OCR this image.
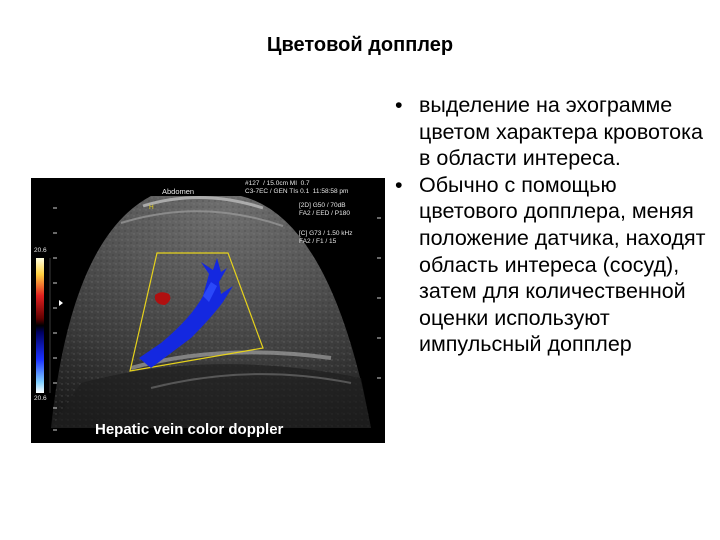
Цветовой допплер
Abdomen
#127  / 15.0cm MI  0.7
C3-7EC / GEN TIs 0.1  11:58:58 pm
[2D] G50 / 70dB
FA2 / EED / P180
[C] G73 / 1.50 kHz
FA2 / F1 / 15
20.6
20.6
H
Hepatic vein color doppler
• выделение на эхограмме цветом характера кровотока в области интереса.
• Обычно с помощью цветового допплера, меняя положение датчика, находят область интереса (сосуд), затем для количественной оценки используют импульсный допплер
